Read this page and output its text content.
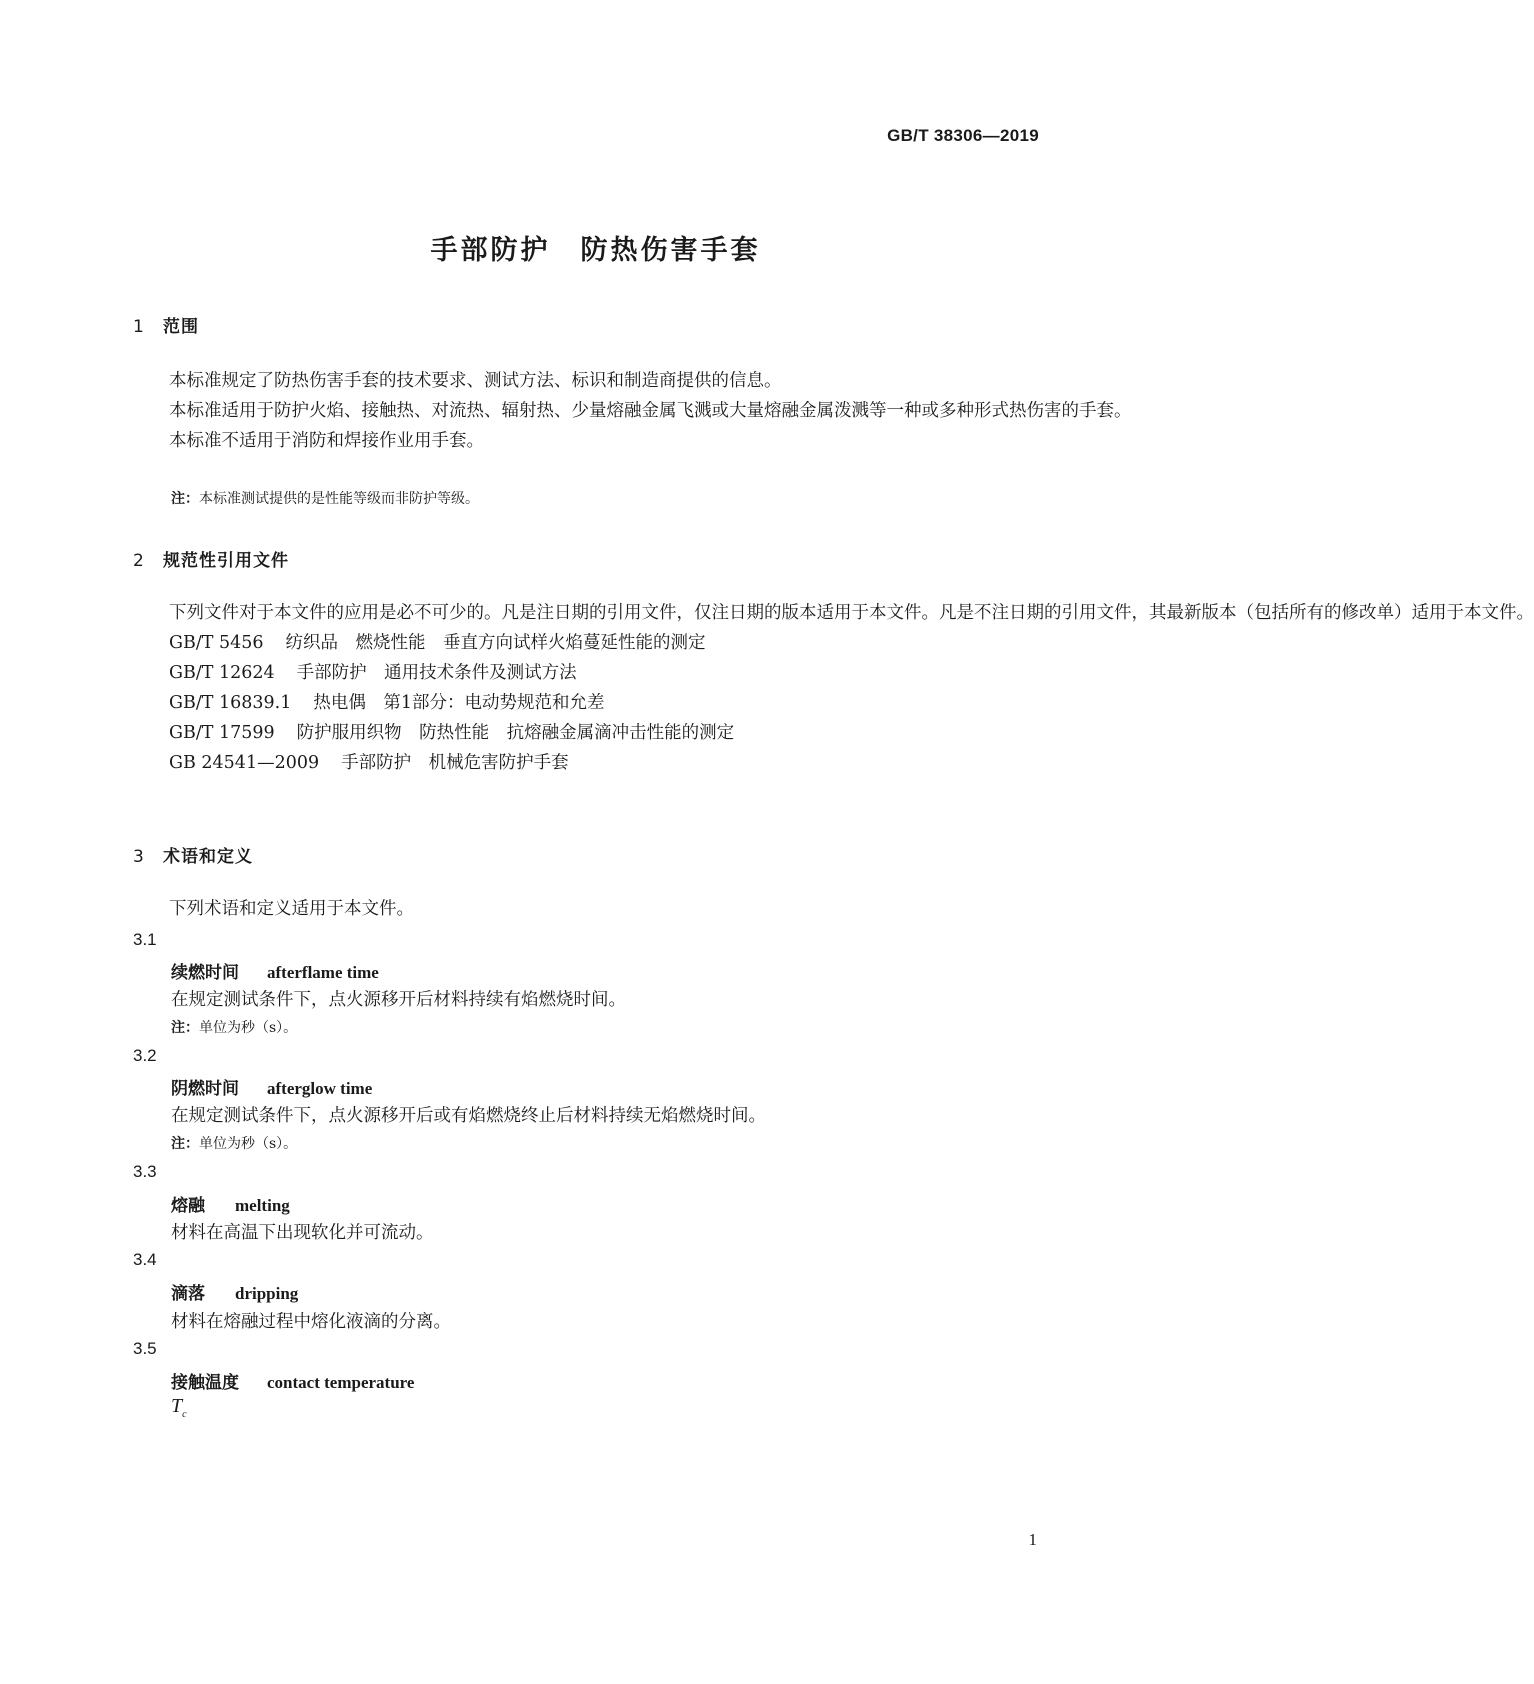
GB/T 38306—2019
手部防护　防热伤害手套
1 范围

本标准规定了防热伤害手套的技术要求、测试方法、标识和制造商提供的信息。

本标准适用于防护火焰、接触热、对流热、辐射热、少量熔融金属飞溅或大量熔融金属泼溅等一种或多种形式热伤害的手套。

本标准不适用于消防和焊接作业用手套。

注：本标准测试提供的是性能等级而非防护等级。
2 规范性引用文件

下列文件对于本文件的应用是必不可少的。凡是注日期的引用文件，仅注日期的版本适用于本文件。凡是不注日期的引用文件，其最新版本（包括所有的修改单）适用于本文件。

GB/T 5456 纺织品　燃烧性能　垂直方向试样火焰蔓延性能的测定
GB/T 12624 手部防护　通用技术条件及测试方法
GB/T 16839.1 热电偶　第1部分：电动势规范和允差
GB/T 17599 防护服用织物　防热性能　抗熔融金属滴冲击性能的测定
GB 24541—2009 手部防护　机械危害防护手套
3 术语和定义

下列术语和定义适用于本文件。

3.1
续燃时间 afterflame time
在规定测试条件下，点火源移开后材料持续有焰燃烧时间。
注：单位为秒（s）。
3.2
阴燃时间 afterglow time
在规定测试条件下，点火源移开后或有焰燃烧终止后材料持续无焰燃烧时间。
注：单位为秒（s）。
3.3
熔融 melting
材料在高温下出现软化并可流动。
3.4
滴落 dripping
材料在熔融过程中熔化液滴的分离。
3.5
接触温度 contact temperature
$T_c$
1
